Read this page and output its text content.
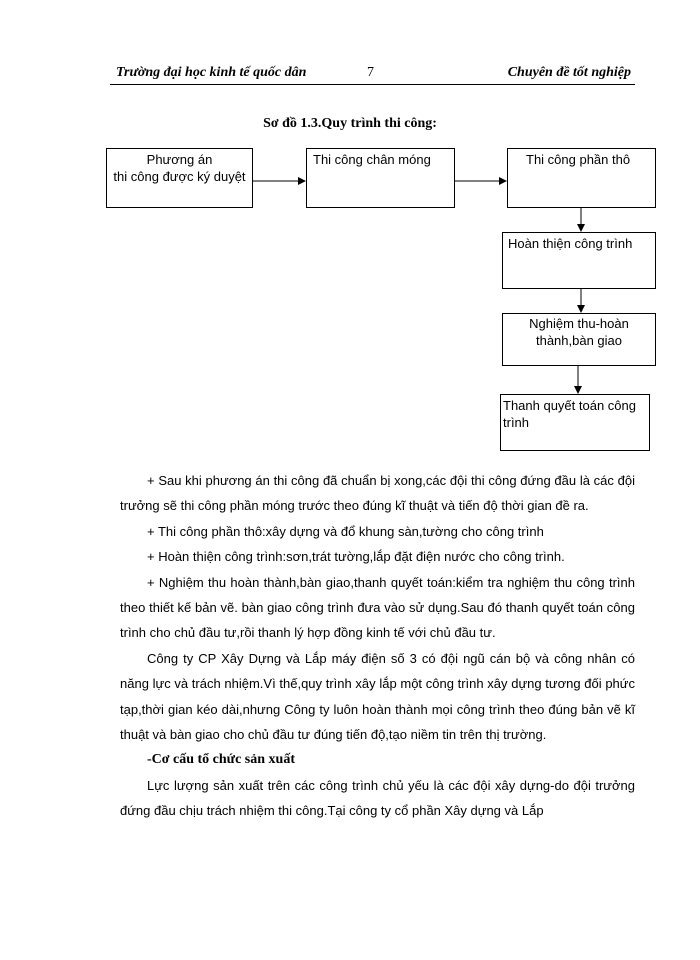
Trường đại học kinh tế quốc dân	7	Chuyên đề tốt nghiệp
Sơ đồ 1.3.Quy trình thi công:
Phương án
thi công được ký duyệt
Thi công chân móng	Thi công phần thô
Hoàn thiện công trình
Nghiệm thu-hoàn
thành,bàn giao
Thanh quyết toán công
trình

+ Sau khi phương án thi công đã chuẩn bị xong,các đội thi công đứng đầu là các đội trưởng sẽ thi công phần móng trước theo đúng kĩ thuật và tiến độ thời gian đề ra.

+ Thi công phần thô:xây dựng và đổ khung sàn,tường cho công trình

+ Hoàn thiện công trình:sơn,trát tường,lắp đặt điện nước cho công trình.

+ Nghiệm thu hoàn thành,bàn giao,thanh quyết toán:kiểm tra nghiệm thu công trình theo thiết kế bản vẽ. bàn giao công trình đưa vào sử dụng.Sau đó thanh quyết toán công trình cho chủ đầu tư,rồi thanh lý hợp đồng kinh tế với chủ đầu tư.

Công ty CP Xây Dựng và Lắp máy điện số 3 có đội ngũ cán bộ và công nhân có năng lực và trách nhiệm.Vì thế,quy trình xây lắp một công trình xây dựng tương đối phức tạp,thời gian kéo dài,nhưng Công ty luôn hoàn thành mọi công trình theo đúng bản vẽ kĩ thuật và bàn giao cho chủ đầu tư đúng tiến độ,tạo niềm tin trên thị trường.

-Cơ cấu tổ chức sản xuất

Lực lượng sản xuất trên các công trình chủ yếu là các đội xây dựng-do đội trưởng đứng đầu chịu trách nhiệm thi công.Tại công ty cổ phần Xây dựng và Lắp
